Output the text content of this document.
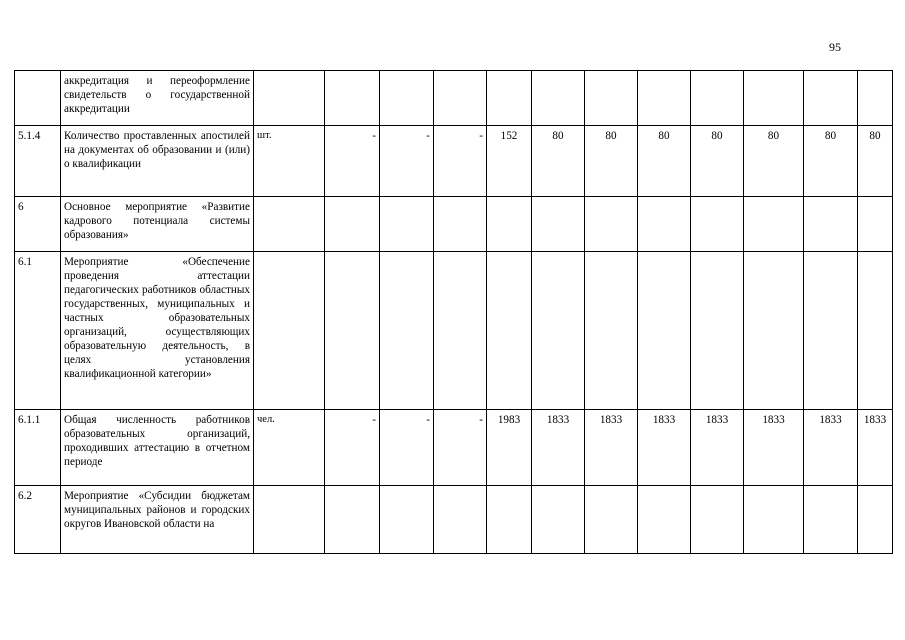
95
	аккредитация и переоформление свидетельств о государственной аккредитации												
5.1.4	Количество проставленных апостилей на документах об образовании и (или) о квалификации	шт.	-	-	-	152	80	80	80	80	80	80	80
6	Основное мероприятие «Развитие кадрового потенциала системы образования»												
6.1	Мероприятие «Обеспечение проведения аттестации педагогических работников областных государственных, муниципальных и частных образовательных организаций, осуществляющих образовательную деятельность, в целях установления квалификационной категории»												
6.1.1	Общая численность работников образовательных организаций, проходивших аттестацию в отчетном периоде	чел.	-	-	-	1983	1833	1833	1833	1833	1833	1833	1833
6.2	Мероприятие «Субсидии бюджетам муниципальных районов и городских округов Ивановской области на												
